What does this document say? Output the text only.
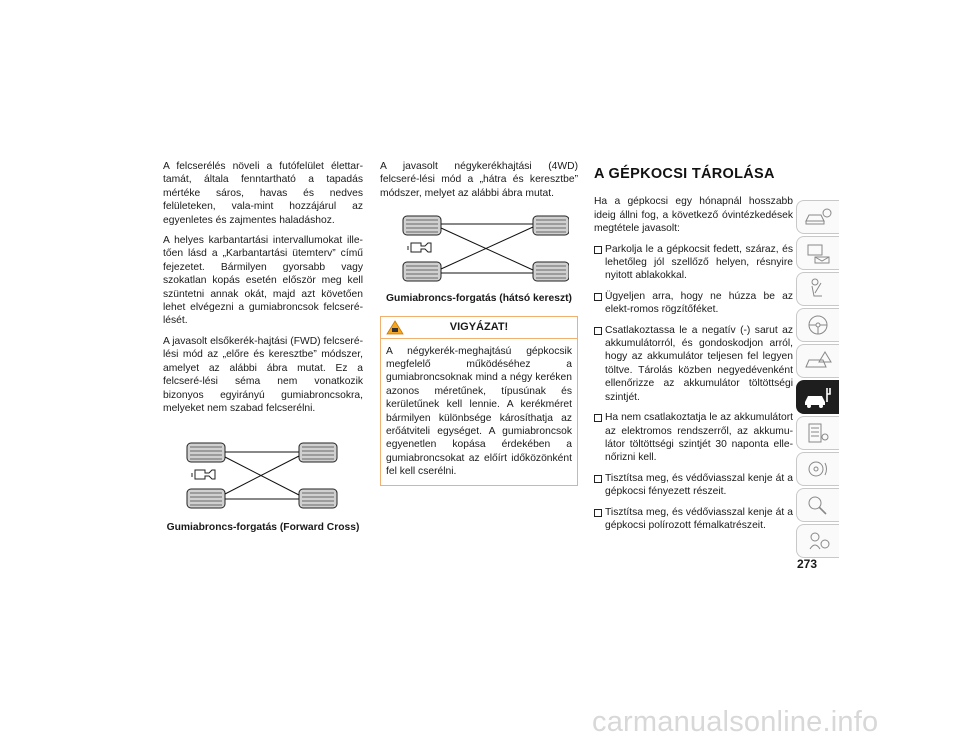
A felcserélés növeli a futófelület élettar-tamát, általa fenntartható a tapadás mértéke sáros, havas és nedves felületeken, vala-mint hozzájárul az egyenletes és zajmentes haladáshoz.

A helyes karbantartási intervallumokat ille-tően lásd a „Karbantartási ütemterv” című fejezetet. Bármilyen gyorsabb vagy szokatlan kopás esetén először meg kell szüntetni annak okát, majd azt követően lehet elvégezni a gumiabroncsok felcseré-lését.

A javasolt elsőkerék-hajtási (FWD) felcseré-lési mód az „előre és keresztbe” módszer, amelyet az alábbi ábra mutat. Ez a felcseré-lési séma nem vonatkozik bizonyos egyirányú gumiabroncsokra, melyeket nem szabad felcserélni.

Gumiabroncs-forgatás (Forward Cross)

A javasolt négykerékhajtási (4WD) felcseré-lési mód a „hátra és keresztbe” módszer, melyet az alábbi ábra mutat.

Gumiabroncs-forgatás (hátsó kereszt)
VIGYÁZAT!
A négykerék-meghajtású gépkocsik megfelelő működéséhez a gumiabroncsoknak mind a négy keréken azonos méretűnek, típusúnak és kerületűnek kell lennie. A kerékméret bármilyen különbsége károsíthatja az erőátviteli egységet. A gumiabroncsok egyenetlen kopása érdekében a gumiabroncsokat az előírt időközönként fel kell cserélni.
A GÉPKOCSI TÁROLÁSA

Ha a gépkocsi egy hónapnál hosszabb ideig állni fog, a következő óvintézkedések megtétele javasolt:

Parkolja le a gépkocsit fedett, száraz, és lehetőleg jól szellőző helyen, résnyire nyitott ablakokkal.
Ügyeljen arra, hogy ne húzza be az elekt-romos rögzítőféket.
Csatlakoztassa le a negatív (-) sarut az akkumulátorról, és gondoskodjon arról, hogy az akkumulátor teljesen fel legyen töltve. Tárolás közben negyedévenként ellenőrizze az akkumulátor töltöttségi szintjét.
Ha nem csatlakoztatja le az akkumulátort az elektromos rendszerről, az akkumu-látor töltöttségi szintjét 30 naponta elle-nőrizni kell.
Tisztítsa meg, és védőviasszal kenje át a gépkocsi fényezett részeit.
Tisztítsa meg, és védőviasszal kenje át a gépkocsi polírozott fémalkatrészeit.
273
carmanualsonline.info
